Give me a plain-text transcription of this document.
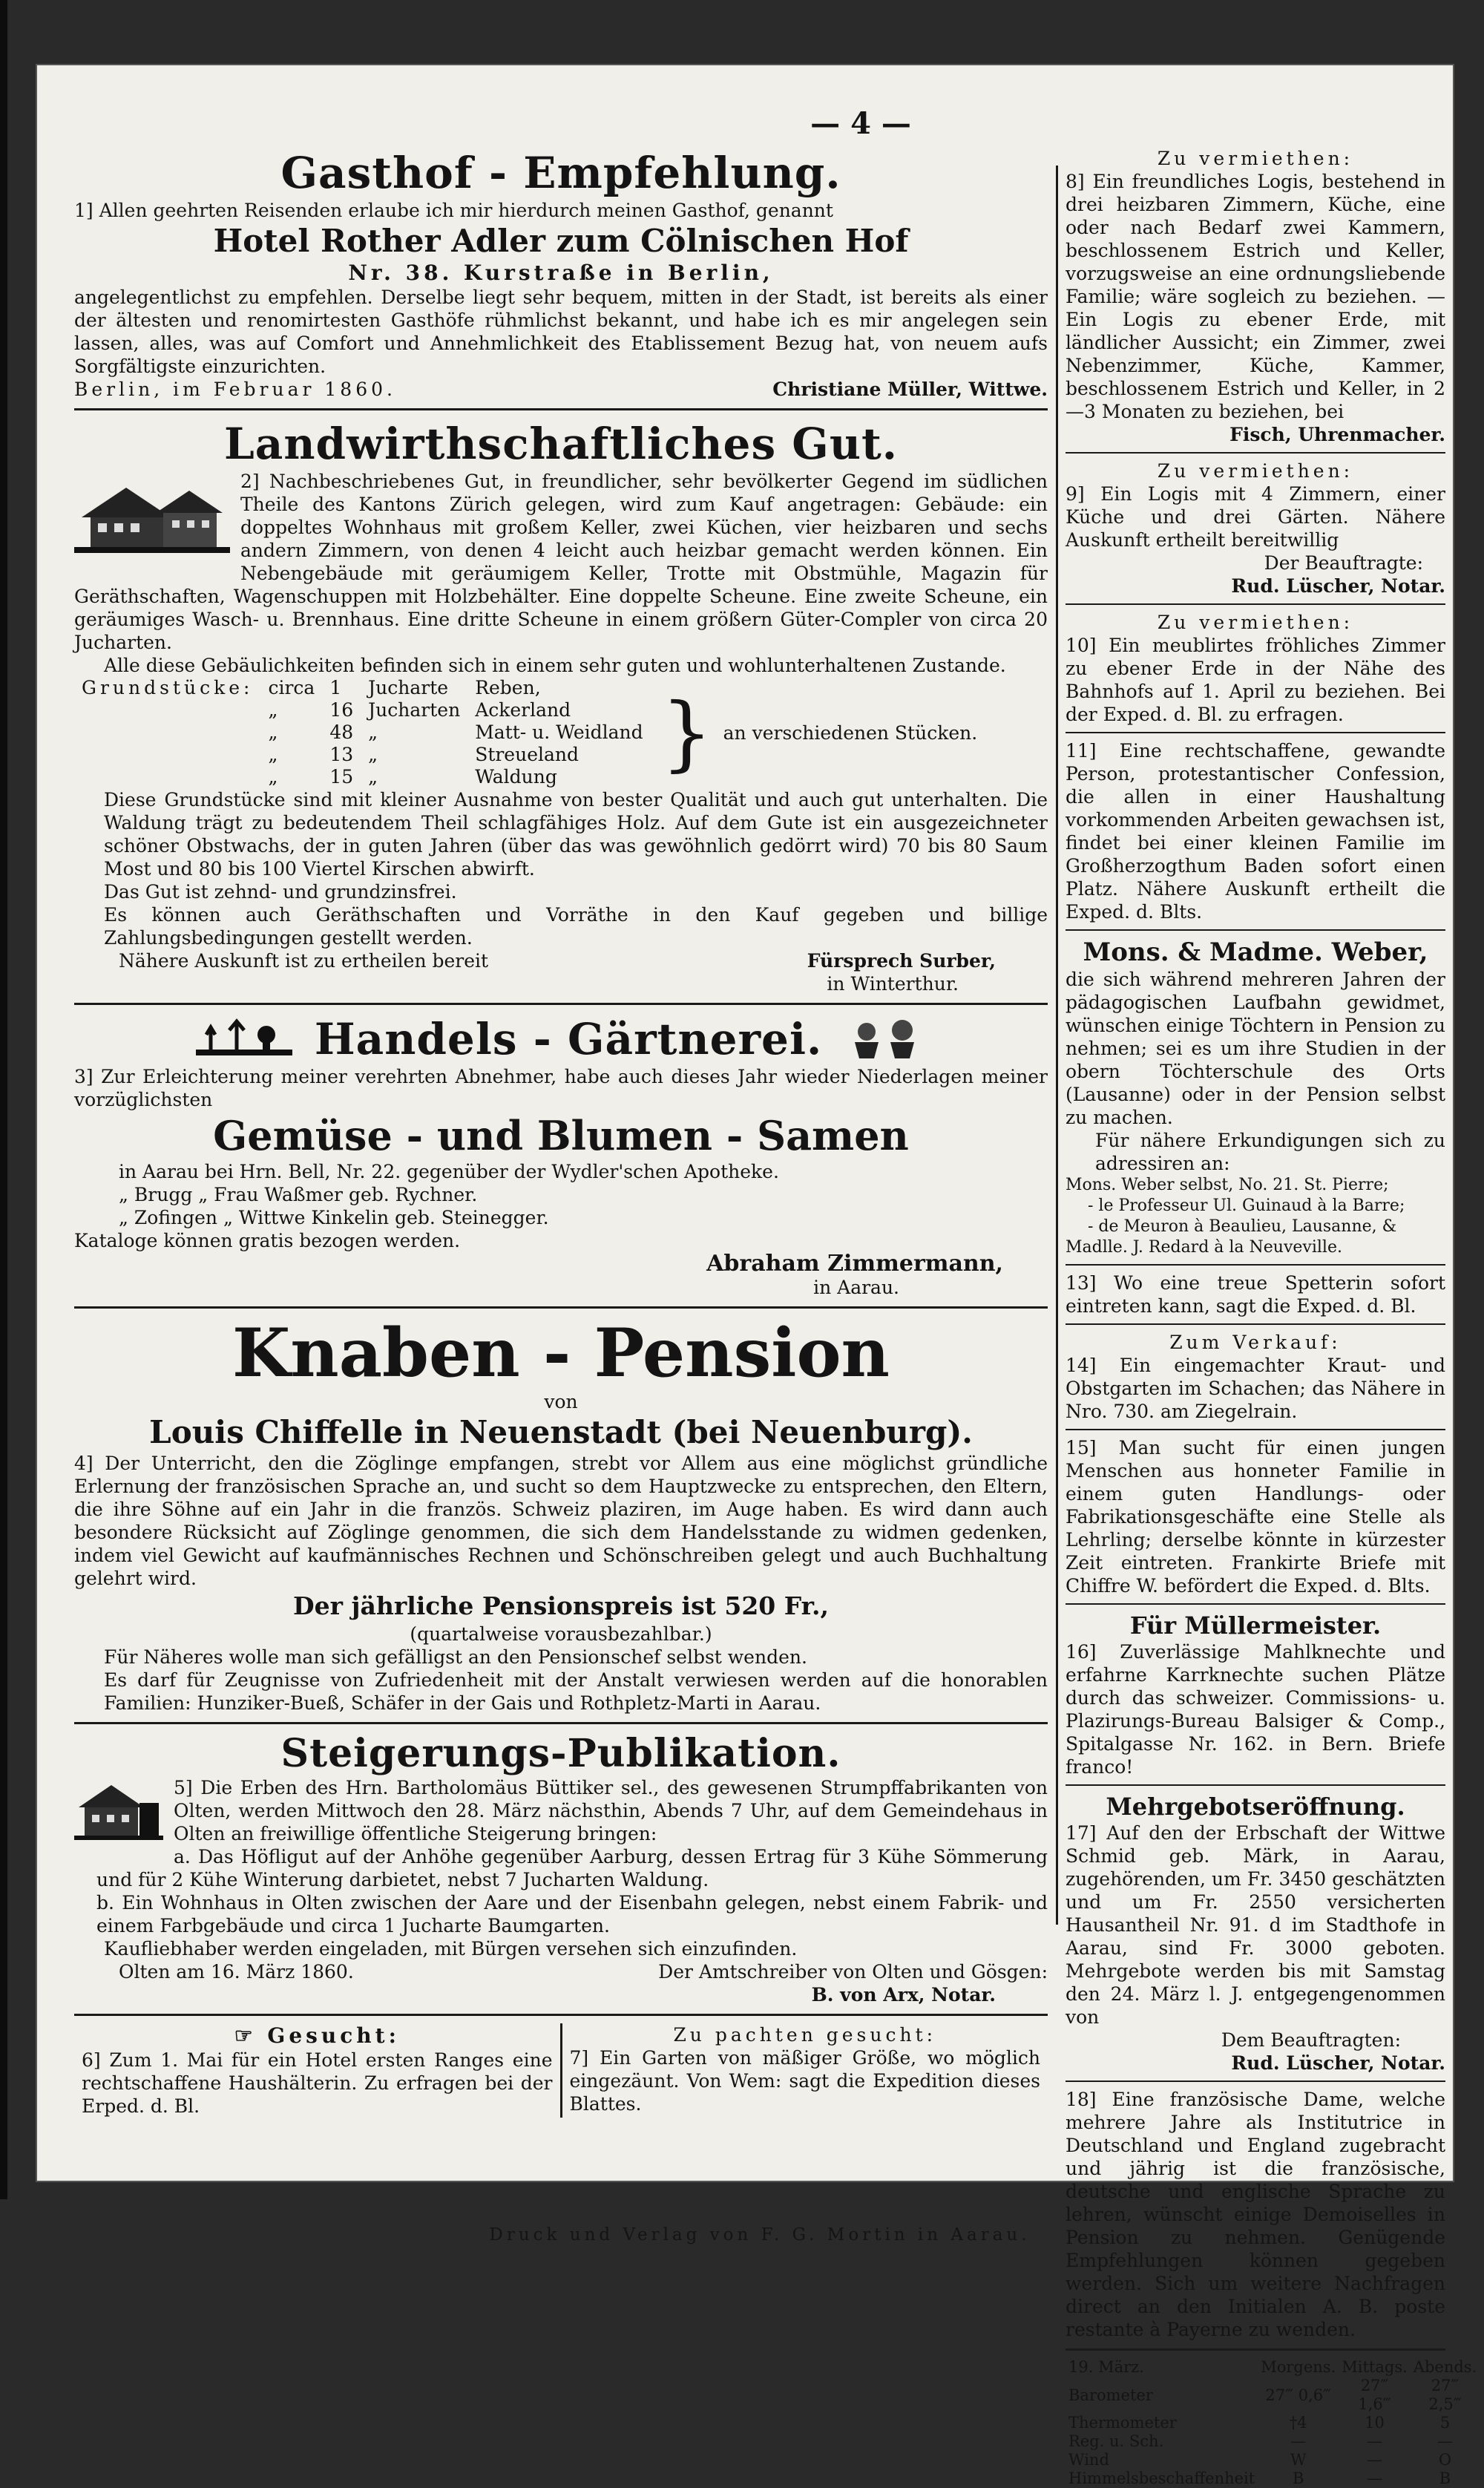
— 4 —
Gasthof - Empfehlung.

1] Allen geehrten Reisenden erlaube ich mir hierdurch meinen Gasthof, genannt

Hotel Rother Adler zum Cölnischen Hof
Nr. 38. Kurstraße in Berlin,

angelegentlichst zu empfehlen. Derselbe liegt sehr bequem, mitten in der Stadt, ist bereits als einer der ältesten und renomirtesten Gasthöfe rühmlichst bekannt, und habe ich es mir angelegen sein lassen, alles, was auf Comfort und Annehmlichkeit des Etablissement Bezug hat, von neuem aufs Sorgfältigste einzurichten.

Berlin, im Februar 1860.	Christiane Müller, Wittwe.
Landwirthschaftliches Gut.

2] Nachbeschriebenes Gut, in freundlicher, sehr bevölkerter Gegend im südlichen Theile des Kantons Zürich gelegen, wird zum Kauf angetragen: Gebäude: ein doppeltes Wohnhaus mit großem Keller, zwei Küchen, vier heizbaren und sechs andern Zimmern, von denen 4 leicht auch heizbar gemacht werden können. Ein Nebengebäude mit geräumigem Keller, Trotte mit Obstmühle, Magazin für Geräthschaften, Wagenschuppen mit Holzbehälter. Eine doppelte Scheune. Eine zweite Scheune, ein geräumiges Wasch- u. Brennhaus. Eine dritte Scheune in einem größern Güter-Compler von circa 20 Jucharten.

Alle diese Gebäulichkeiten befinden sich in einem sehr guten und wohlunterhaltenen Zustande.

Grundstücke:	circa	1	Jucharte	Reben,
	„	16	Jucharten	Ackerland
	„	48	„	Matt- u. Weidland
	„	13	„	Streueland
	„	15	„	Waldung } an verschiedenen Stücken.

Diese Grundstücke sind mit kleiner Ausnahme von bester Qualität und auch gut unterhalten. Die Waldung trägt zu bedeutendem Theil schlagfähiges Holz. Auf dem Gute ist ein ausgezeichneter schöner Obstwachs, der in guten Jahren (über das was gewöhnlich gedörrt wird) 70 bis 80 Saum Most und 80 bis 100 Viertel Kirschen abwirft.

Das Gut ist zehnd- und grundzinsfrei.

Es können auch Geräthschaften und Vorräthe in den Kauf gegeben und billige Zahlungsbedingungen gestellt werden.

Nähere Auskunft ist zu ertheilen bereit	Fürsprech Surber,
in Winterthur.
Handels - Gärtnerei.

3] Zur Erleichterung meiner verehrten Abnehmer, habe auch dieses Jahr wieder Niederlagen meiner vorzüglichsten

Gemüse - und Blumen - Samen
in Aarau bei Hrn. Bell, Nr. 22. gegenüber der Wydler'schen Apotheke.
„ Brugg „ Frau Waßmer geb. Rychner.
„ Zofingen „ Wittwe Kinkelin geb. Steinegger.

Kataloge können gratis bezogen werden.

Abraham Zimmermann,
in Aarau.
Knaben - Pension
von
Louis Chiffelle in Neuenstadt (bei Neuenburg).

4] Der Unterricht, den die Zöglinge empfangen, strebt vor Allem aus eine möglichst gründliche Erlernung der französischen Sprache an, und sucht so dem Hauptzwecke zu entsprechen, den Eltern, die ihre Söhne auf ein Jahr in die französ. Schweiz plaziren, im Auge haben. Es wird dann auch besondere Rücksicht auf Zöglinge genommen, die sich dem Handelsstande zu widmen gedenken, indem viel Gewicht auf kaufmännisches Rechnen und Schönschreiben gelegt und auch Buchhaltung gelehrt wird.

Der jährliche Pensionspreis ist 520 Fr.,
(quartalweise vorausbezahlbar.)

Für Näheres wolle man sich gefälligst an den Pensionschef selbst wenden.

Es darf für Zeugnisse von Zufriedenheit mit der Anstalt verwiesen werden auf die honorablen Familien: Hunziker-Bueß, Schäfer in der Gais und Rothpletz-Marti in Aarau.

Steigerungs-Publikation.

5] Die Erben des Hrn. Bartholomäus Büttiker sel., des gewesenen Strumpffabrikanten von Olten, werden Mittwoch den 28. März nächsthin, Abends 7 Uhr, auf dem Gemeindehaus in Olten an freiwillige öffentliche Steigerung bringen:

a. Das Höfligut auf der Anhöhe gegenüber Aarburg, dessen Ertrag für 3 Kühe Sömmerung und für 2 Kühe Winterung darbietet, nebst 7 Jucharten Waldung.

b. Ein Wohnhaus in Olten zwischen der Aare und der Eisenbahn gelegen, nebst einem Fabrik- und einem Farbgebäude und circa 1 Jucharte Baumgarten.

Kaufliebhaber werden eingeladen, mit Bürgen versehen sich einzufinden.

Olten am 16. März 1860.	Der Amtschreiber von Olten und Gösgen:
B. von Arx, Notar.
☞ Gesucht:

6] Zum 1. Mai für ein Hotel ersten Ranges eine rechtschaffene Haushälterin. Zu erfragen bei der Erped. d. Bl.

Zu pachten gesucht:

7] Ein Garten von mäßiger Größe, wo möglich eingezäunt. Von Wem: sagt die Expedition dieses Blattes.

Zu vermiethen:

8] Ein freundliches Logis, bestehend in drei heizbaren Zimmern, Küche, eine oder nach Bedarf zwei Kammern, beschlossenem Estrich und Keller, vorzugsweise an eine ordnungsliebende Familie; wäre sogleich zu beziehen. — Ein Logis zu ebener Erde, mit ländlicher Aussicht; ein Zimmer, zwei Nebenzimmer, Küche, Kammer, beschlossenem Estrich und Keller, in 2—3 Monaten zu beziehen, bei

Fisch, Uhrenmacher.
Zu vermiethen:

9] Ein Logis mit 4 Zimmern, einer Küche und drei Gärten. Nähere Auskunft ertheilt bereitwillig

Der Beauftragte:
Rud. Lüscher, Notar.
Zu vermiethen:

10] Ein meublirtes fröhliches Zimmer zu ebener Erde in der Nähe des Bahnhofs auf 1. April zu beziehen. Bei der Exped. d. Bl. zu erfragen.

11] Eine rechtschaffene, gewandte Person, protestantischer Confession, die allen in einer Haushaltung vorkommenden Arbeiten gewachsen ist, findet bei einer kleinen Familie im Großherzogthum Baden sofort einen Platz. Nähere Auskunft ertheilt die Exped. d. Blts.

Mons. & Madme. Weber,

die sich während mehreren Jahren der pädagogischen Laufbahn gewidmet, wünschen einige Töchtern in Pension zu nehmen; sei es um ihre Studien in der obern Töchterschule des Orts (Lausanne) oder in der Pension selbst zu machen.

Für nähere Erkundigungen sich zu adressiren an:

Mons. Weber selbst, No. 21. St. Pierre;
- le Professeur Ul. Guinaud à la Barre;
- de Meuron à Beaulieu, Lausanne, &
Madlle. J. Redard à la Neuveville.

13] Wo eine treue Spetterin sofort eintreten kann, sagt die Exped. d. Bl.

Zum Verkauf:

14] Ein eingemachter Kraut- und Obstgarten im Schachen; das Nähere in Nro. 730. am Ziegelrain.

15] Man sucht für einen jungen Menschen aus honneter Familie in einem guten Handlungs- oder Fabrikationsgeschäfte eine Stelle als Lehrling; derselbe könnte in kürzester Zeit eintreten. Frankirte Briefe mit Chiffre W. befördert die Exped. d. Blts.

Für Müllermeister.

16] Zuverlässige Mahlknechte und erfahrne Karrknechte suchen Plätze durch das schweizer. Commissions- u. Plazirungs-Bureau Balsiger & Comp., Spitalgasse Nr. 162. in Bern. Briefe franco!

Mehrgebotseröffnung.

17] Auf den der Erbschaft der Wittwe Schmid geb. Märk, in Aarau, zugehörenden, um Fr. 3450 geschätzten und um Fr. 2550 versicherten Hausantheil Nr. 91. d im Stadthofe in Aarau, sind Fr. 3000 geboten. Mehrgebote werden bis mit Samstag den 24. März l. J. entgegengenommen von

Dem Beauftragten:
Rud. Lüscher, Notar.

18] Eine französische Dame, welche mehrere Jahre als Institutrice in Deutschland und England zugebracht und jährig ist die französische, deutsche und englische Sprache zu lehren, wünscht einige Demoiselles in Pension zu nehmen. Genügende Empfehlungen können gegeben werden. Sich um weitere Nachfragen direct an den Initialen A. B. poste restante à Payerne zu wenden.

19. März.	Morgens.	Mittags.	Abends.
Barometer	27‴ 0,6‴	27‴ 1,6‴	27‴ 2,5‴
Thermometer	†4	10	5
Reg. u. Sch.	—	—	—
Wind	W	—	O
Himmelsbeschaffenheit	B	—	B
Druck und Verlag von F. G. Mortin in Aarau.
